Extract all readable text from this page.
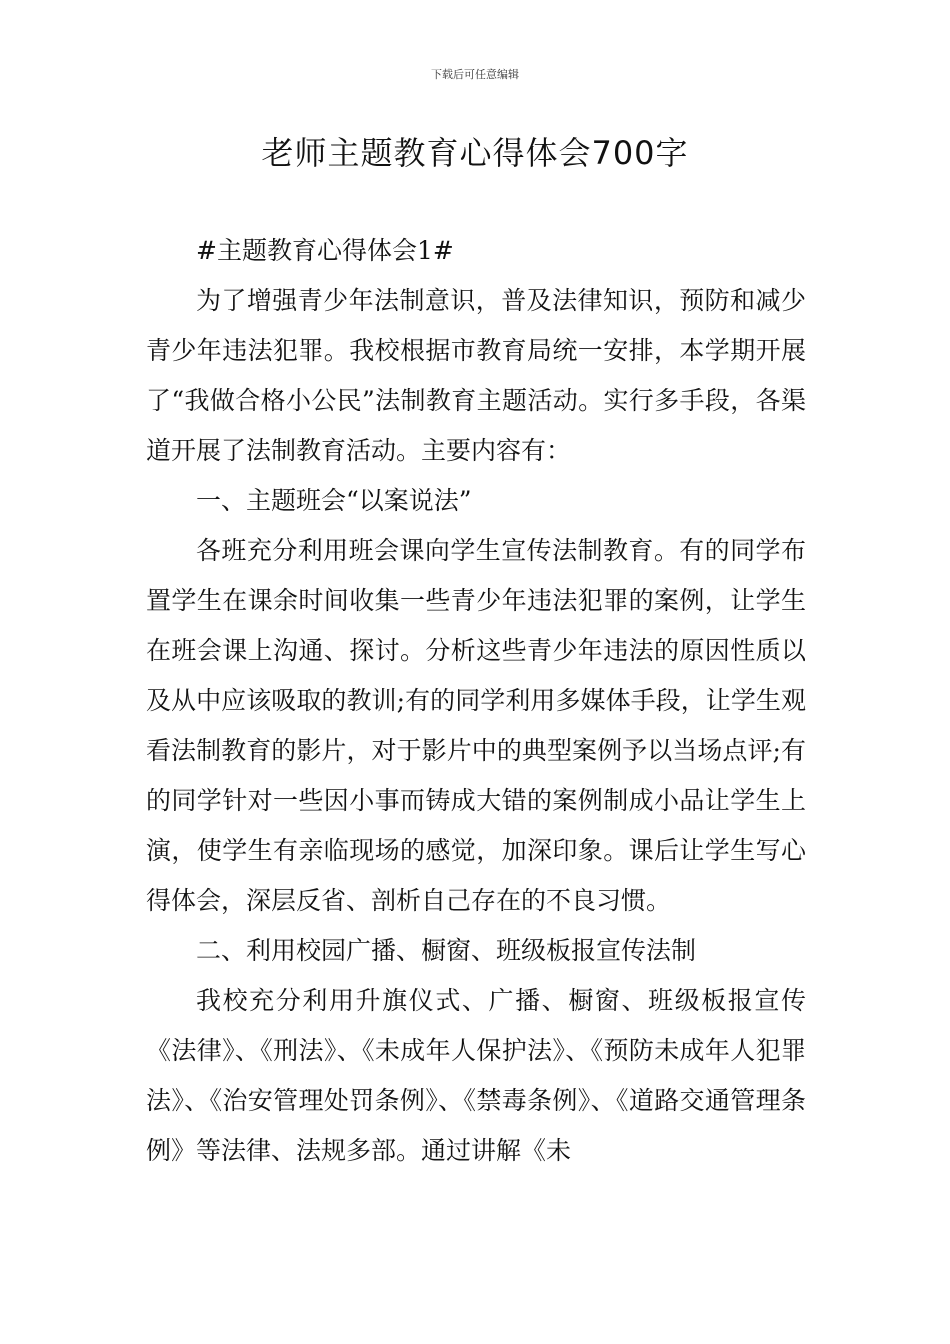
下载后可任意编辑
老师主题教育心得体会700字

#主题教育心得体会1#

为了增强青少年法制意识，普及法律知识，预防和减少青少年违法犯罪。我校根据市教育局统一安排，本学期开展了“我做合格小公民”法制教育主题活动。实行多手段，各渠道开展了法制教育活动。主要内容有：

一、主题班会“以案说法”

各班充分利用班会课向学生宣传法制教育。有的同学布置学生在课余时间收集一些青少年违法犯罪的案例，让学生在班会课上沟通、探讨。分析这些青少年违法的原因性质以及从中应该吸取的教训;有的同学利用多媒体手段，让学生观看法制教育的影片，对于影片中的典型案例予以当场点评;有的同学针对一些因小事而铸成大错的案例制成小品让学生上演，使学生有亲临现场的感觉，加深印象。课后让学生写心得体会，深层反省、剖析自己存在的不良习惯。

二、利用校园广播、橱窗、班级板报宣传法制

我校充分利用升旗仪式、广播、橱窗、班级板报宣传《法律》、《刑法》、《未成年人保护法》、《预防未成年人犯罪法》、《治安管理处罚条例》、《禁毒条例》、《道路交通管理条例》等法律、法规多部。通过讲解《未
